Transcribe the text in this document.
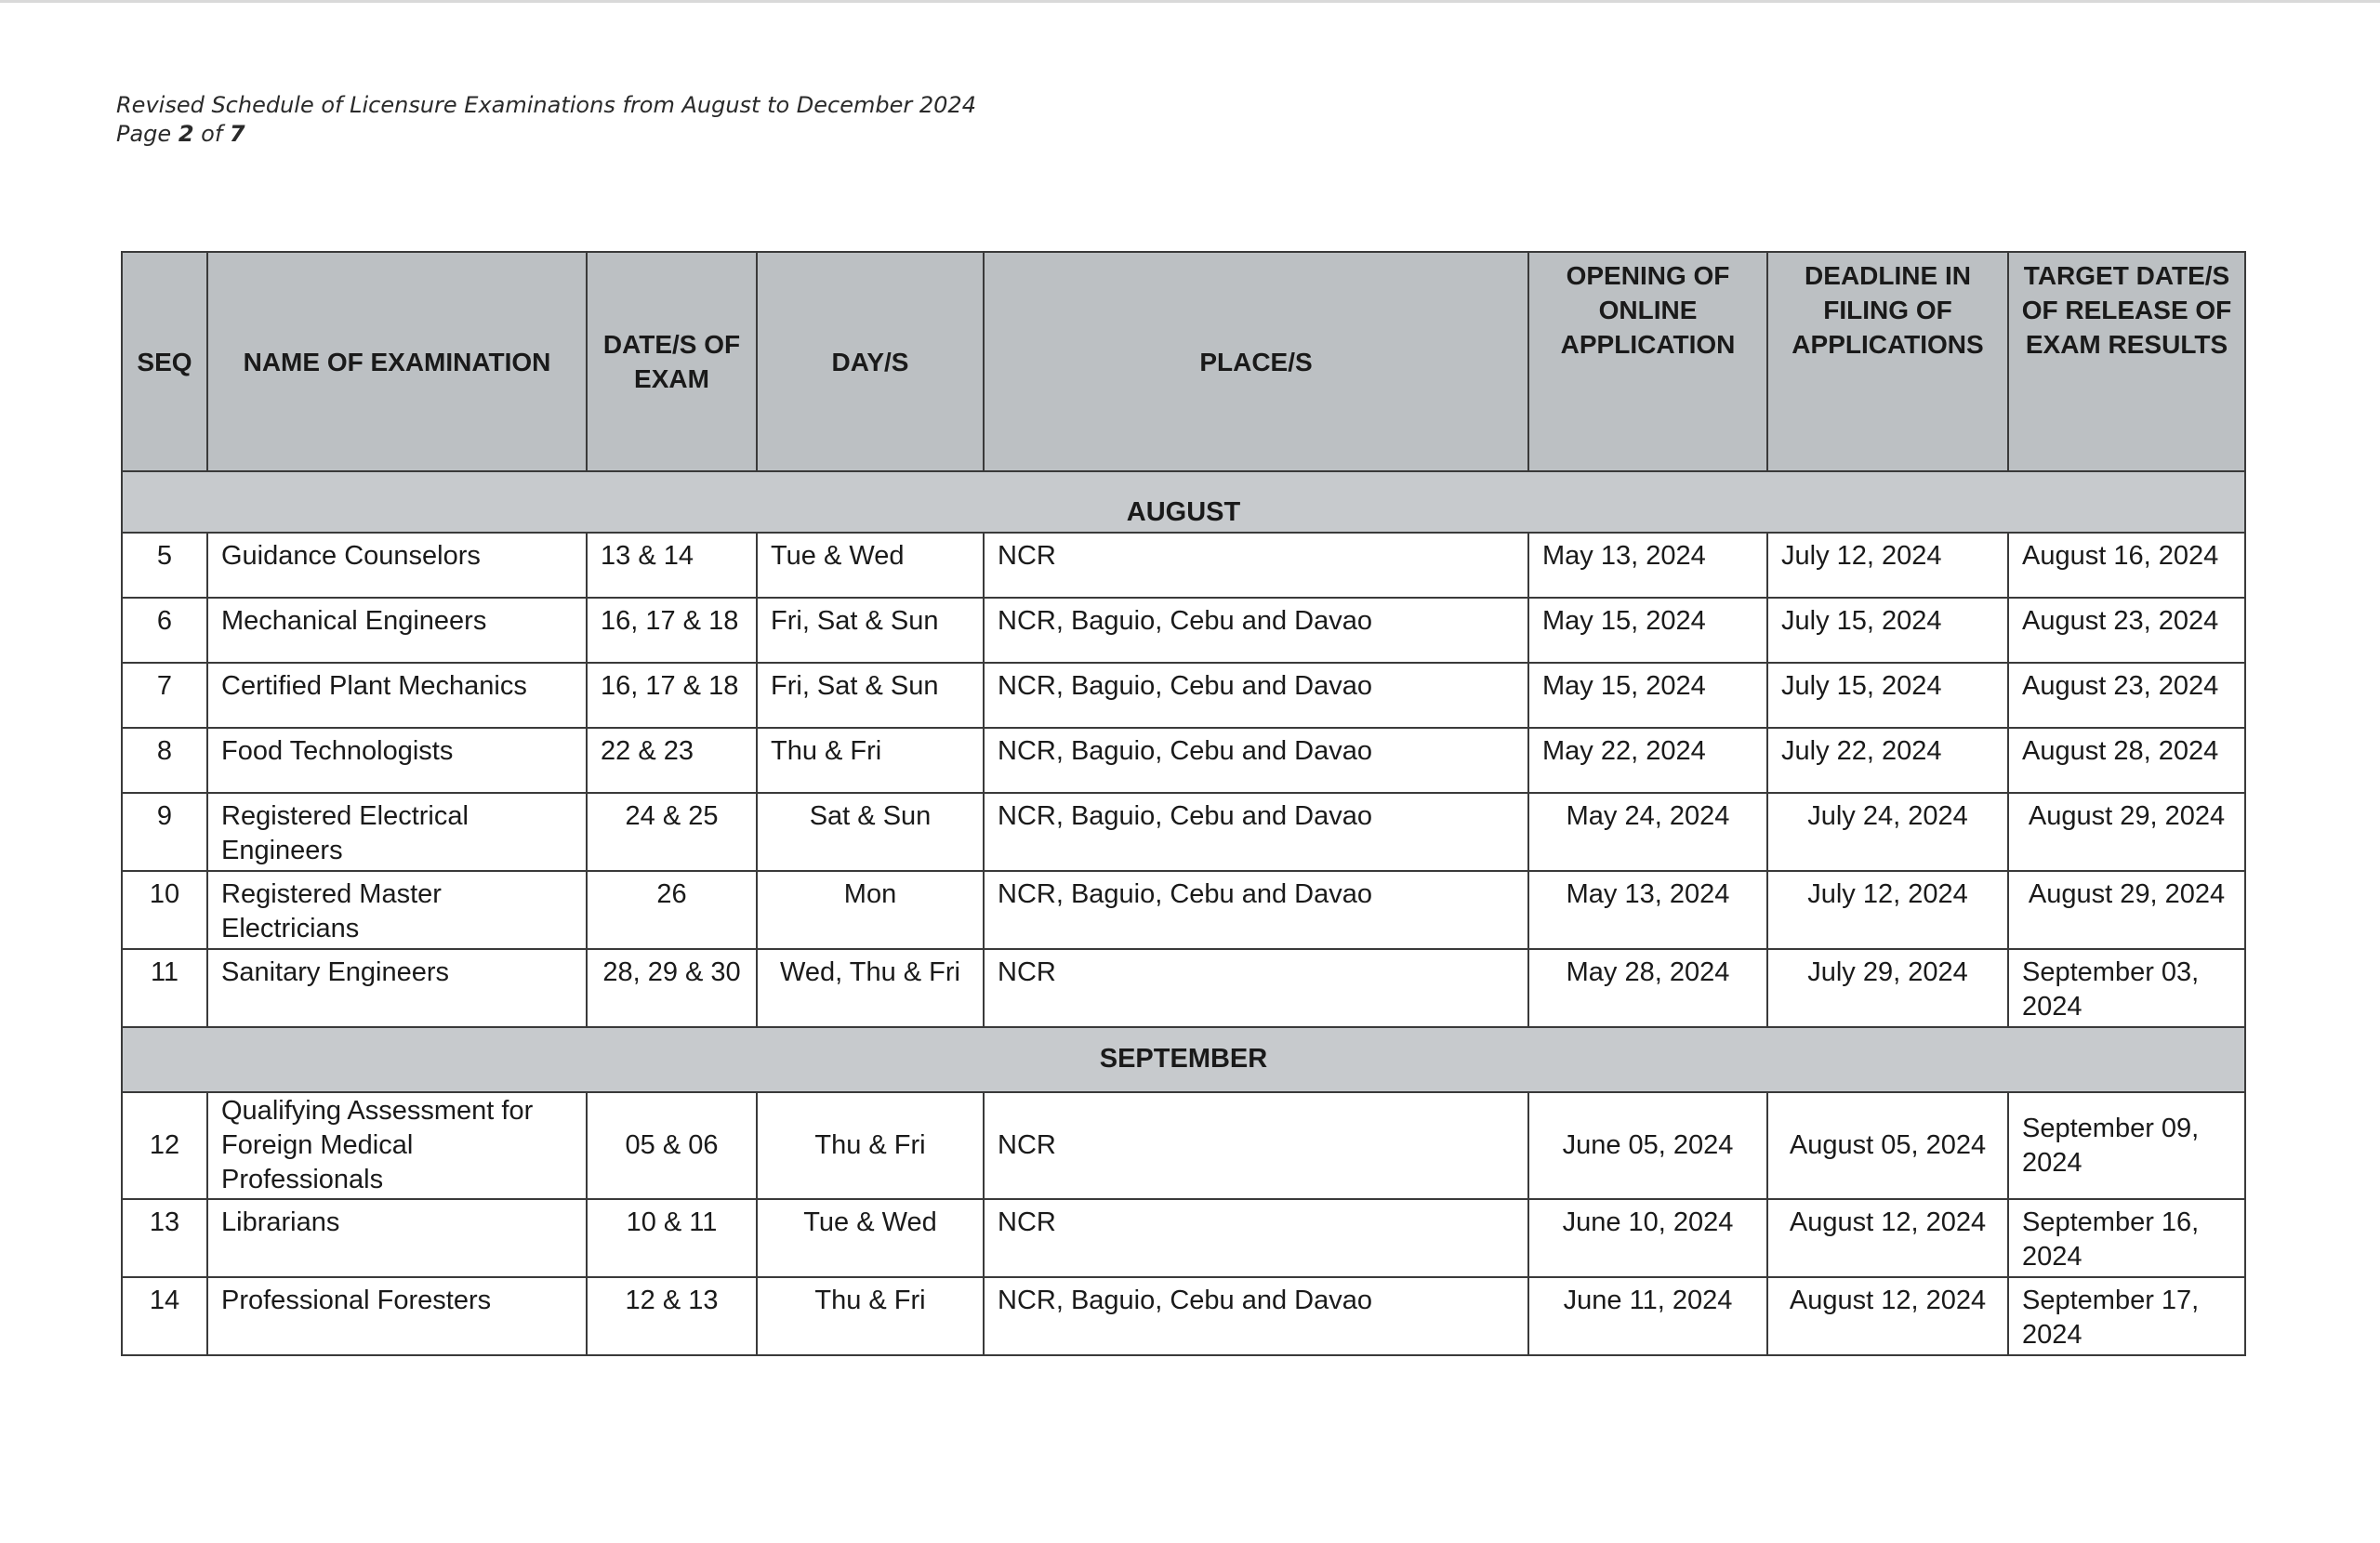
Revised Schedule of Licensure Examinations from August to December 2024
Page 2 of 7
SEQ	NAME OF EXAMINATION	DATE/S OF EXAM	DAY/S	PLACE/S	OPENING OF ONLINE APPLICATION	DEADLINE IN FILING OF APPLICATIONS	TARGET DATE/S OF RELEASE OF EXAM RESULTS
AUGUST							
5	Guidance Counselors	13 & 14	Tue & Wed	NCR	May 13, 2024	July 12, 2024	August 16, 2024
6	Mechanical Engineers	16, 17 & 18	Fri, Sat & Sun	NCR, Baguio, Cebu and Davao	May 15, 2024	July 15, 2024	August 23, 2024
7	Certified Plant Mechanics	16, 17 & 18	Fri, Sat & Sun	NCR, Baguio, Cebu and Davao	May 15, 2024	July 15, 2024	August 23, 2024
8	Food Technologists	22 & 23	Thu & Fri	NCR, Baguio, Cebu and Davao	May 22, 2024	July 22, 2024	August 28, 2024
9	Registered Electrical Engineers	24 & 25	Sat & Sun	NCR, Baguio, Cebu and Davao	May 24, 2024	July 24, 2024	August 29, 2024
10	Registered Master Electricians	26	Mon	NCR, Baguio, Cebu and Davao	May 13, 2024	July 12, 2024	August 29, 2024
11	Sanitary Engineers	28, 29 & 30	Wed, Thu & Fri	NCR	May 28, 2024	July 29, 2024	September 03, 2024
SEPTEMBER							
12	Qualifying Assessment for Foreign Medical Professionals	05 & 06	Thu & Fri	NCR	June 05, 2024	August 05, 2024	September 09, 2024
13	Librarians	10 & 11	Tue & Wed	NCR	June 10, 2024	August 12, 2024	September 16, 2024
14	Professional Foresters	12 & 13	Thu & Fri	NCR, Baguio, Cebu and Davao	June 11, 2024	August 12, 2024	September 17, 2024
